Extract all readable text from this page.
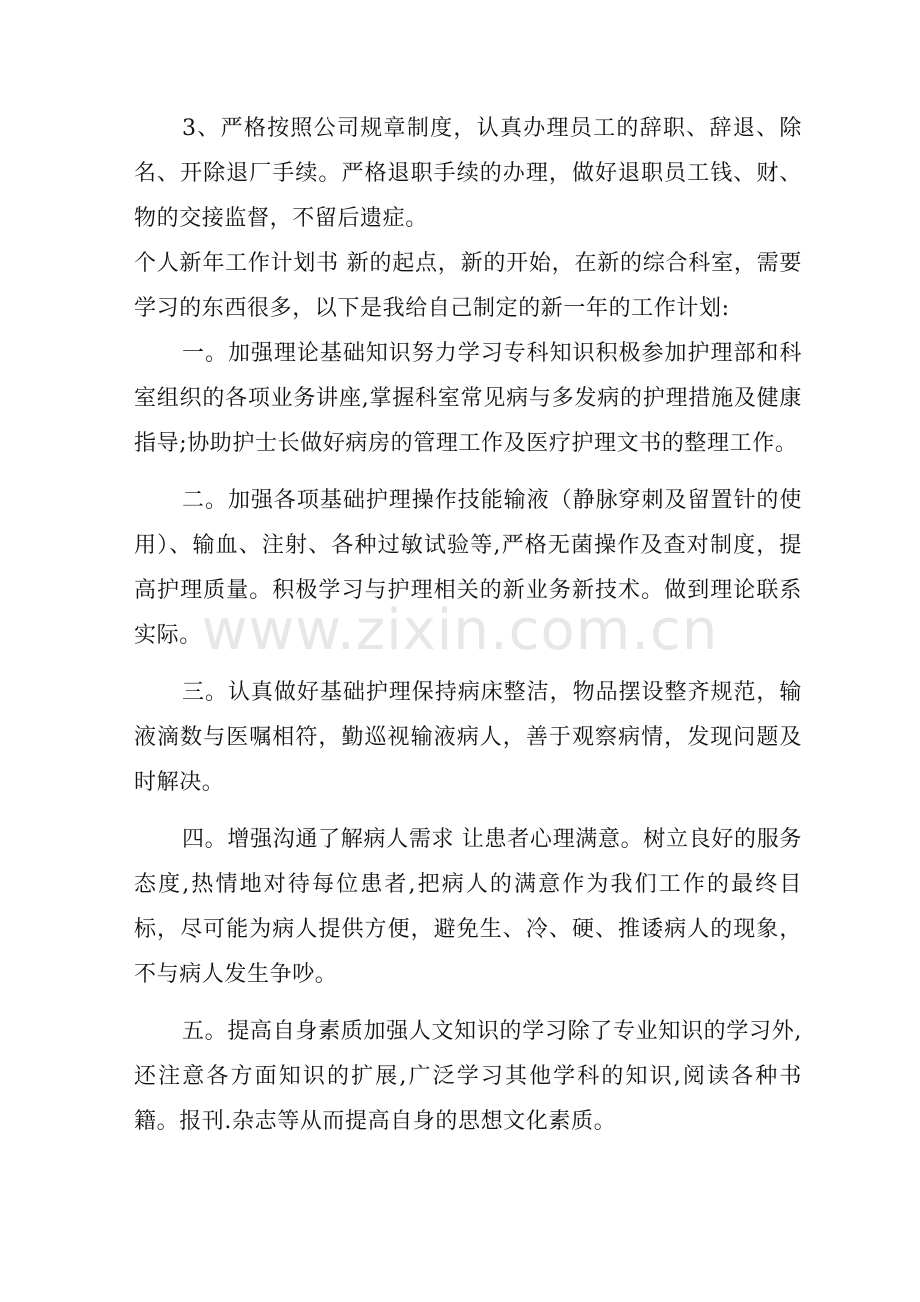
3、严格按照公司规章制度，认真办理员工的辞职、辞退、除名、开除退厂手续。严格退职手续的办理，做好退职员工钱、财、物的交接监督，不留后遗症。

个人新年工作计划书 新的起点，新的开始，在新的综合科室，需要学习的东西很多，以下是我给自己制定的新一年的工作计划:

一。加强理论基础知识努力学习专科知识积极参加护理部和科室组织的各项业务讲座,掌握科室常见病与多发病的护理措施及健康指导;协助护士长做好病房的管理工作及医疗护理文书的整理工作。

二。加强各项基础护理操作技能输液（静脉穿刺及留置针的使用）、输血、注射、各种过敏试验等,严格无菌操作及查对制度，提高护理质量。积极学习与护理相关的新业务新技术。做到理论联系实际。

三。认真做好基础护理保持病床整洁，物品摆设整齐规范，输液滴数与医嘱相符，勤巡视输液病人，善于观察病情，发现问题及时解决。

四。增强沟通了解病人需求 让患者心理满意。树立良好的服务态度,热情地对待每位患者,把病人的满意作为我们工作的最终目标，尽可能为病人提供方便，避免生、冷、硬、推诿病人的现象，不与病人发生争吵。

五。提高自身素质加强人文知识的学习除了专业知识的学习外,还注意各方面知识的扩展,广泛学习其他学科的知识,阅读各种书籍。报刊.杂志等从而提高自身的思想文化素质。

www.zixin.com.cn
